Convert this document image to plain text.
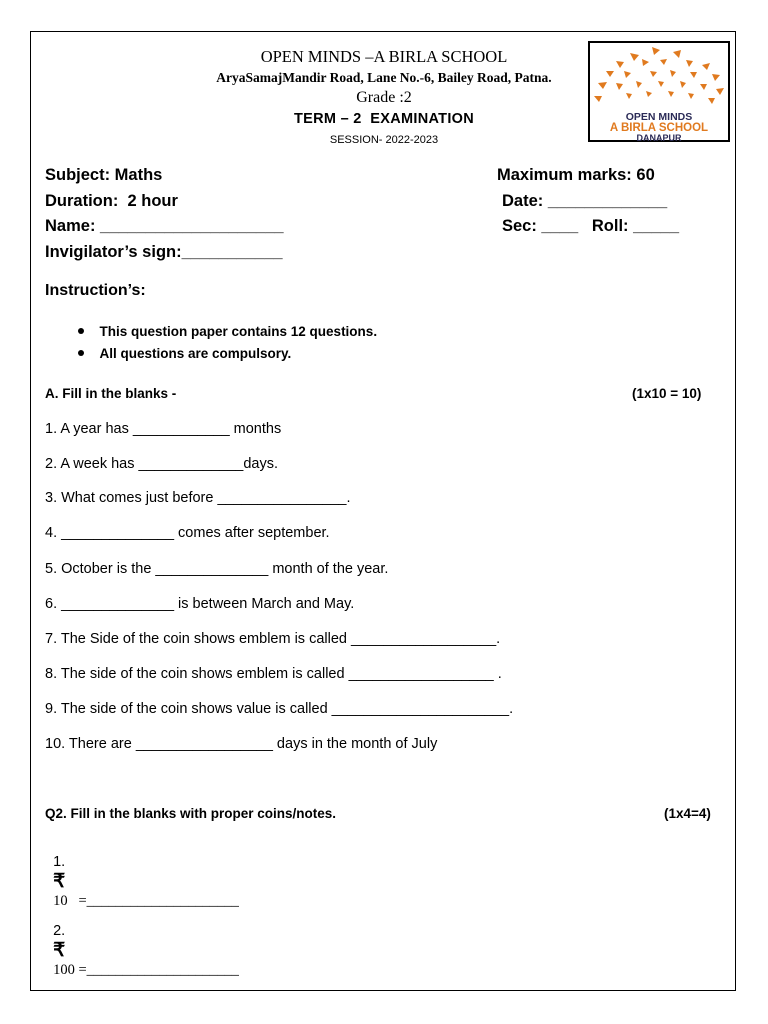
OPEN MINDS –A BIRLA SCHOOL
AryaSamajMandir Road, Lane No.-6, Bailey Road, Patna.
Grade :2
TERM – 2  EXAMINATION
SESSION- 2022-2023
OPEN MINDS
A BIRLA SCHOOL
DANAPUR
Subject: Maths	Maximum marks: 60
Duration:  2 hour	Date: _____________
Name: ____________________	Sec: ____   Roll: _____
Invigilator’s sign:___________
Instruction’s:

This question paper contains 12 questions.

All questions are compulsory.

A. Fill in the blanks -	(1x10 = 10)
1. A year has ____________ months
2. A week has _____________days.
3. What comes just before ________________.
4. ______________ comes after september.
5. October is the ______________ month of the year.
6. ______________ is between March and May.
7. The Side of the coin shows emblem is called __________________.
8. The side of the coin shows emblem is called __________________ .
9. The side of the coin shows value is called ______________________.
10. There are _________________ days in the month of July
Q2. Fill in the blanks with proper coins/notes.	(1x4=4)

1.
₹
10   =_____________________

2.
₹
100 =_____________________
